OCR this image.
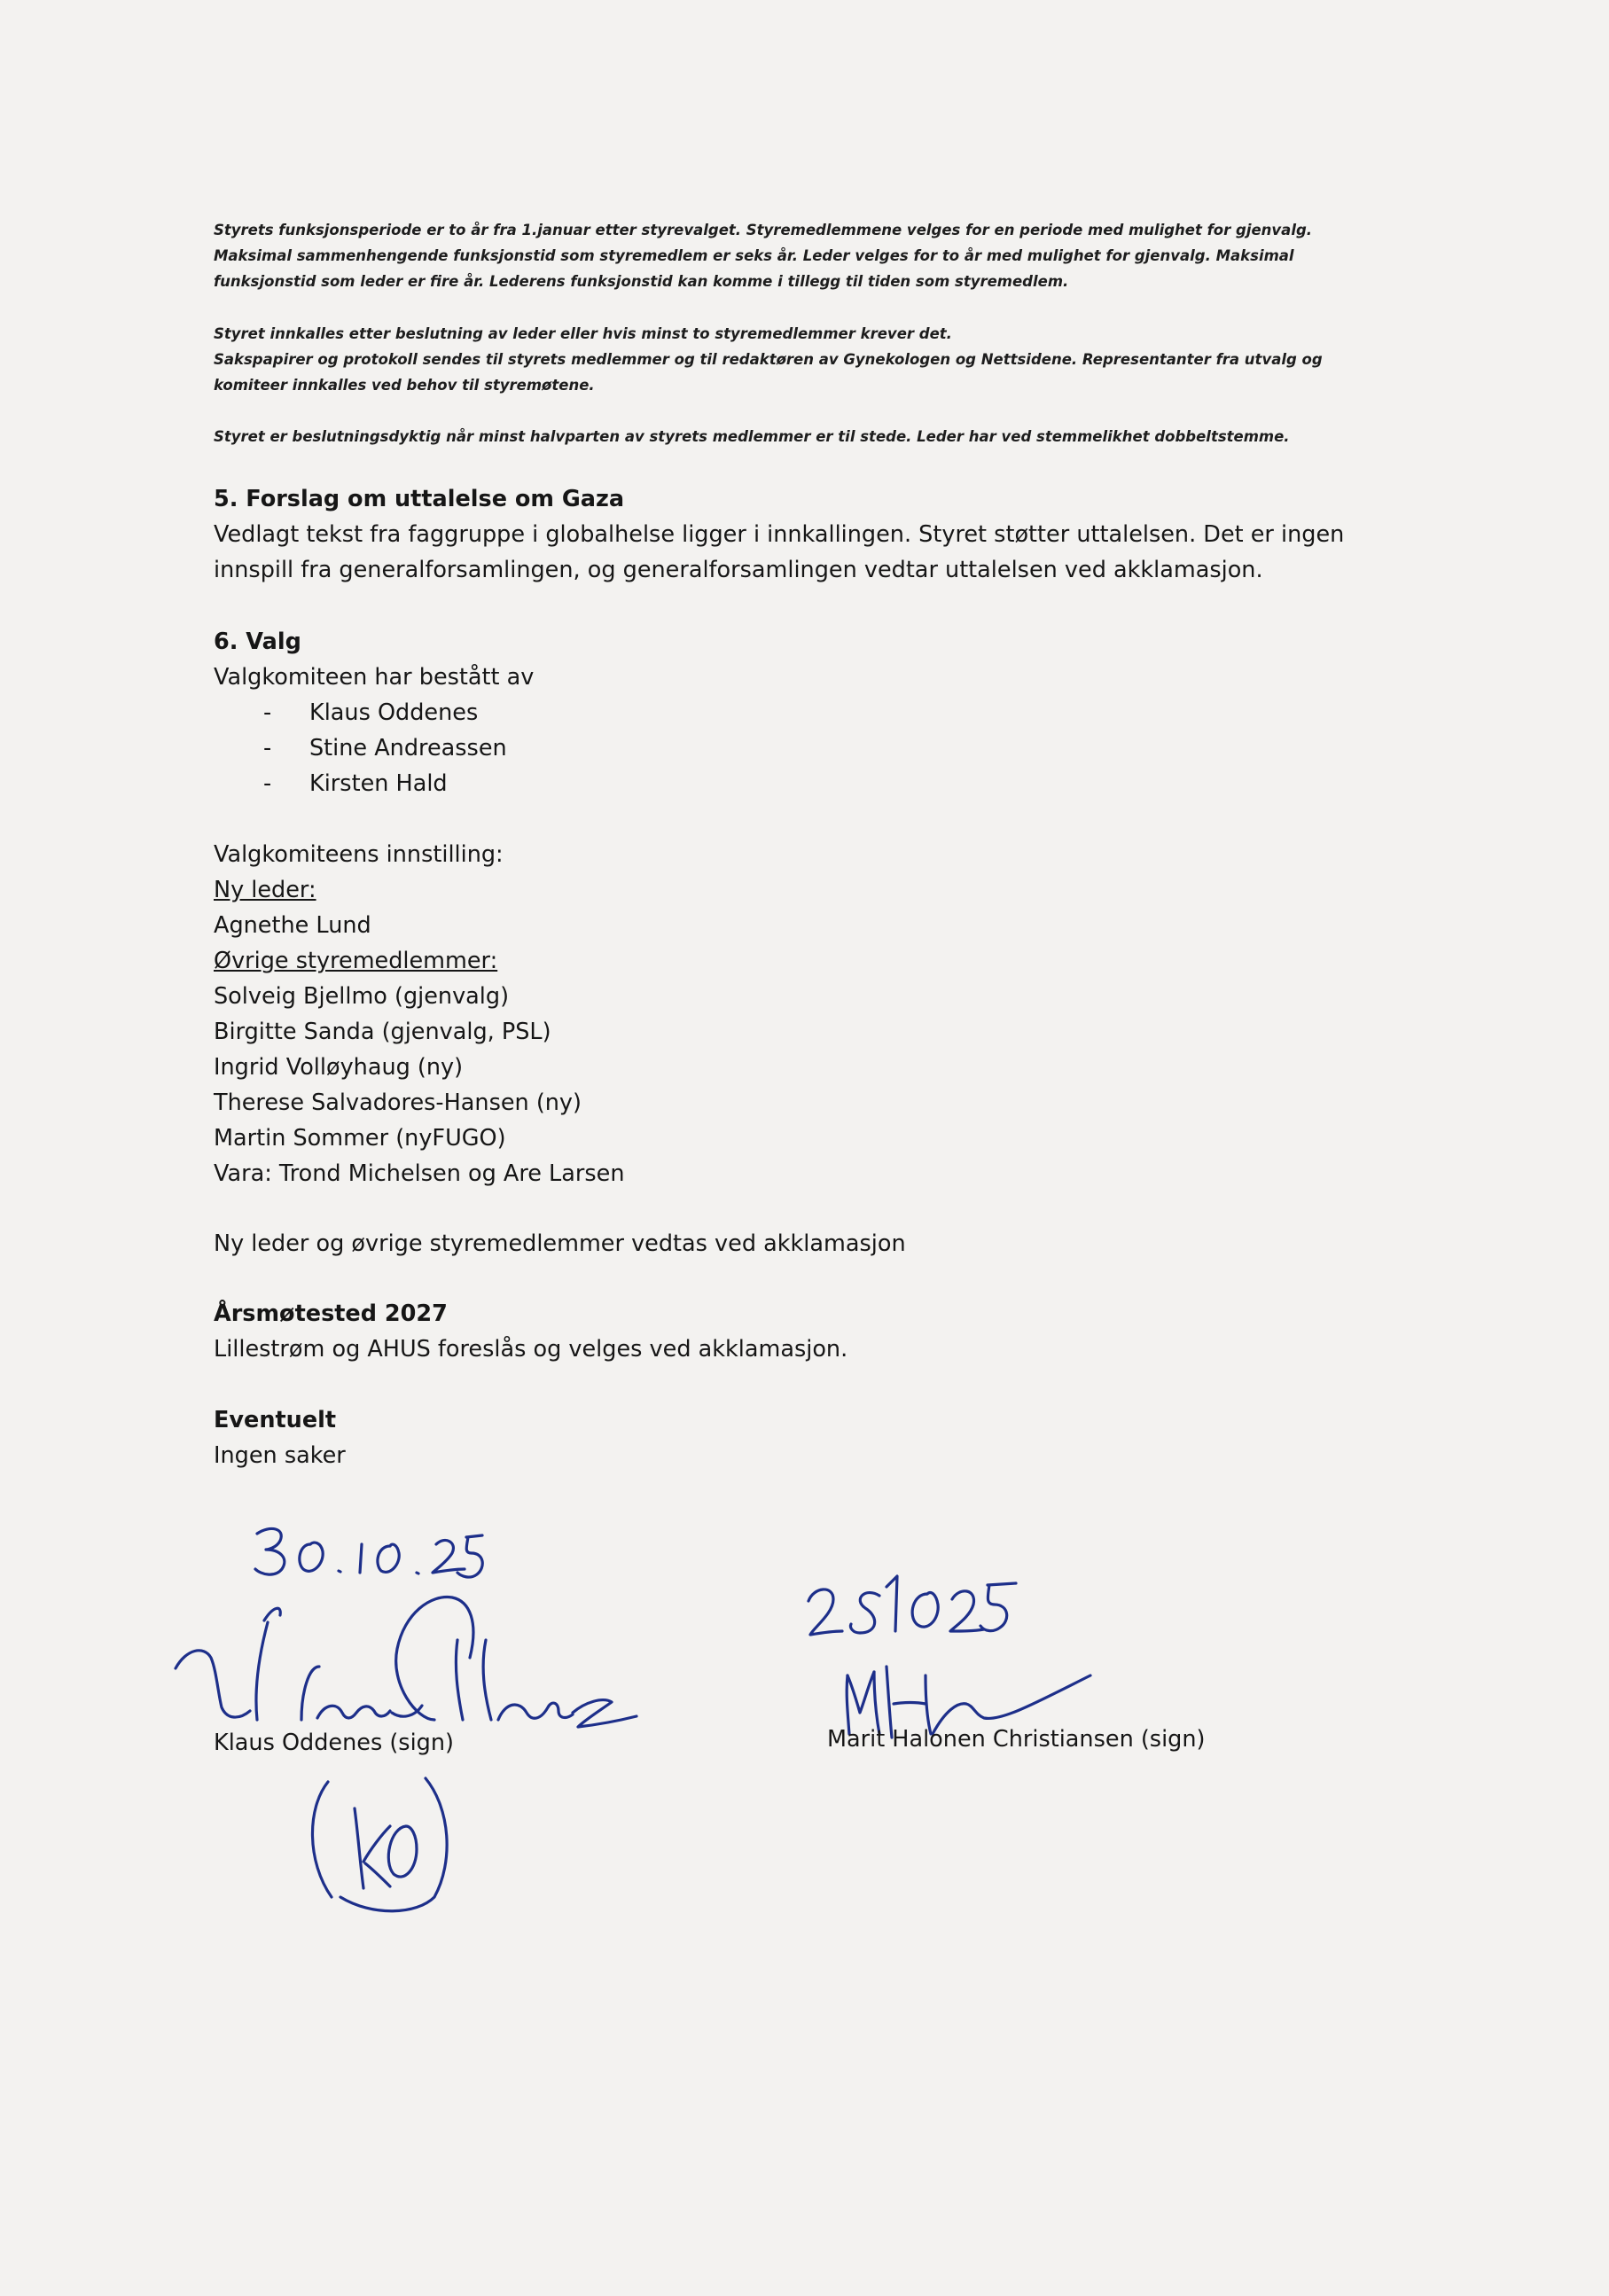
Styrets funksjonsperiode er to år fra 1.januar etter styrevalget. Styremedlemmene velges for en periode med mulighet for gjenvalg.

Maksimal sammenhengende funksjonstid som styremedlem er seks år. Leder velges for to år med mulighet for gjenvalg. Maksimal

funksjonstid som leder er fire år. Lederens funksjonstid kan komme i tillegg til tiden som styremedlem.

Styret innkalles etter beslutning av leder eller hvis minst to styremedlemmer krever det.

Sakspapirer og protokoll sendes til styrets medlemmer og til redaktøren av Gynekologen og Nettsidene. Representanter fra utvalg og

komiteer innkalles ved behov til styremøtene.

Styret er beslutningsdyktig når minst halvparten av styrets medlemmer er til stede. Leder har ved stemmelikhet dobbeltstemme.

5. Forslag om uttalelse om Gaza

Vedlagt tekst fra faggruppe i globalhelse ligger i innkallingen. Styret støtter uttalelsen. Det er ingen

innspill fra generalforsamlingen, og generalforsamlingen vedtar uttalelsen ved akklamasjon.

6. Valg

Valgkomiteen har bestått av

- Klaus Oddenes
- Stine Andreassen
- Kirsten Hald

Valgkomiteens innstilling:

Ny leder:

Agnethe Lund

Øvrige styremedlemmer:

Solveig Bjellmo (gjenvalg)

Birgitte Sanda (gjenvalg, PSL)

Ingrid Volløyhaug (ny)

Therese Salvadores-Hansen (ny)

Martin Sommer (nyFUGO)

Vara: Trond Michelsen og Are Larsen

Ny leder og øvrige styremedlemmer vedtas ved akklamasjon

Årsmøtested 2027

Lillestrøm og AHUS foreslås og velges ved akklamasjon.

Eventuelt

Ingen saker

Klaus Oddenes (sign)	Marit Halonen Christiansen (sign)
